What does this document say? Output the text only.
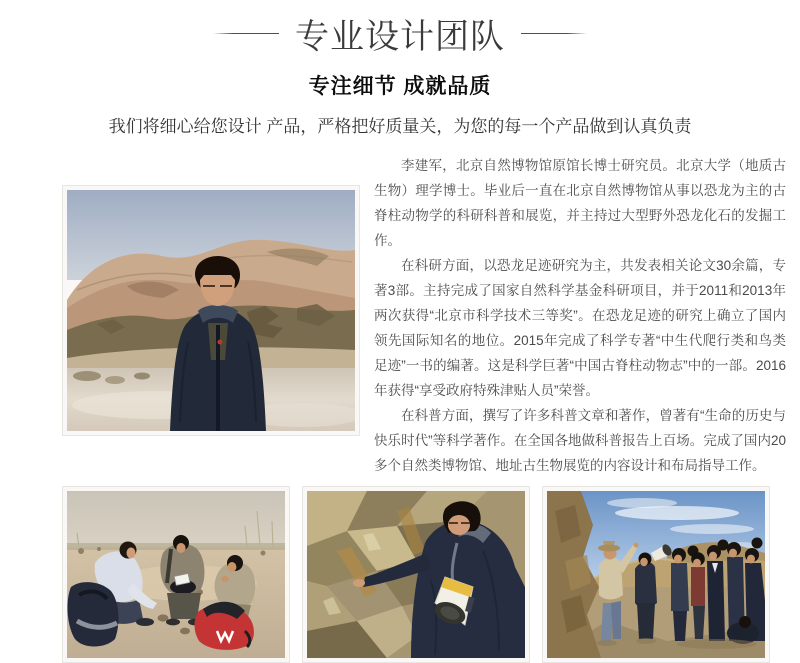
专业设计团队
专注细节 成就品质

我们将细心给您设计 产品，严格把好质量关，为您的每一个产品做到认真负责

李建军，北京自然博物馆原馆长博士研究员。北京大学（地质古生物）理学博士。毕业后一直在北京自然博物馆从事以恐龙为主的古脊柱动物学的科研科普和展览，并主持过大型野外恐龙化石的发掘工作。

在科研方面，以恐龙足迹研究为主，共发表相关论文30余篇，专著3部。主持完成了国家自然科学基金科研项目，并于2011和2013年两次获得“北京市科学技术三等奖”。在恐龙足迹的研究上确立了国内领先国际知名的地位。2015年完成了科学专著“中生代爬行类和鸟类足迹”一书的编著。这是科学巨著“中国古脊柱动物志”中的一部。2016年获得“享受政府特殊津贴人员”荣誉。

在科普方面，撰写了许多科普文章和著作，曾著有“生命的历史与快乐时代”等科学著作。在全国各地做科普报告上百场。完成了国内20多个自然类博物馆、地址古生物展览的内容设计和布局指导工作。
